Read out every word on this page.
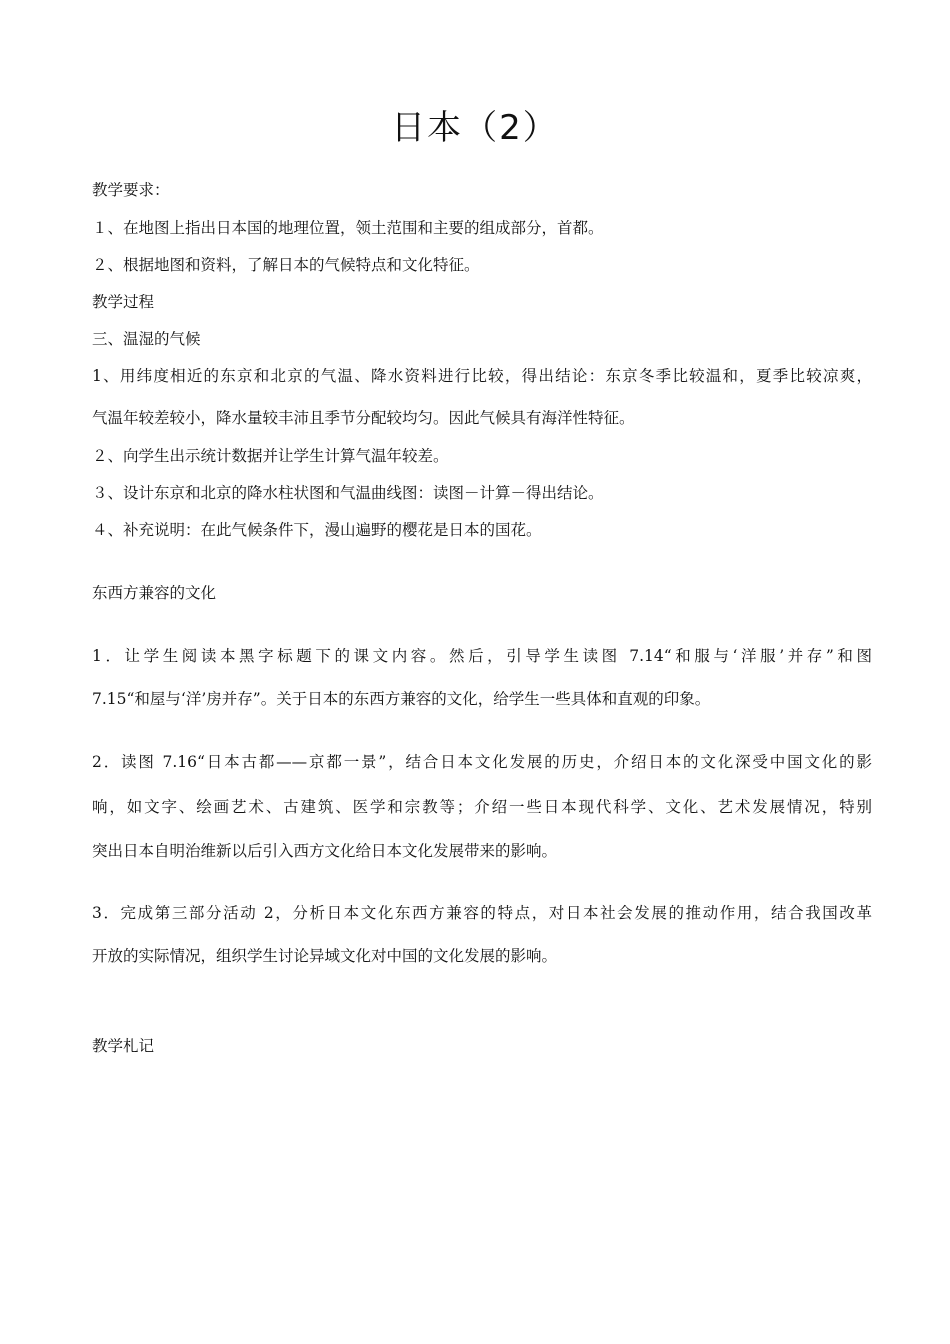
日本（2）
教学要求：
１、在地图上指出日本国的地理位置，领土范围和主要的组成部分，首都。
２、根据地图和资料，了解日本的气候特点和文化特征。
教学过程
三、温湿的气候
1、用纬度相近的东京和北京的气温、降水资料进行比较，得出结论：东京冬季比较温和，夏季比较凉爽，
气温年较差较小，降水量较丰沛且季节分配较均匀。因此气候具有海洋性特征。
２、向学生出示统计数据并让学生计算气温年较差。
３、设计东京和北京的降水柱状图和气温曲线图：读图－计算－得出结论。
４、补充说明：在此气候条件下，漫山遍野的樱花是日本的国花。
东西方兼容的文化
1．让学生阅读本黑字标题下的课文内容。然后，引导学生读图 7.14“和服与‘洋服’并存”和图
7.15“和屋与‘洋’房并存”。关于日本的东西方兼容的文化，给学生一些具体和直观的印象。
2．读图 7.16“日本古都——京都一景”，结合日本文化发展的历史，介绍日本的文化深受中国文化的影
响，如文字、绘画艺术、古建筑、医学和宗教等；介绍一些日本现代科学、文化、艺术发展情况，特别
突出日本自明治维新以后引入西方文化给日本文化发展带来的影响。
3．完成第三部分活动 2，分析日本文化东西方兼容的特点，对日本社会发展的推动作用，结合我国改革
开放的实际情况，组织学生讨论异域文化对中国的文化发展的影响。
教学札记
